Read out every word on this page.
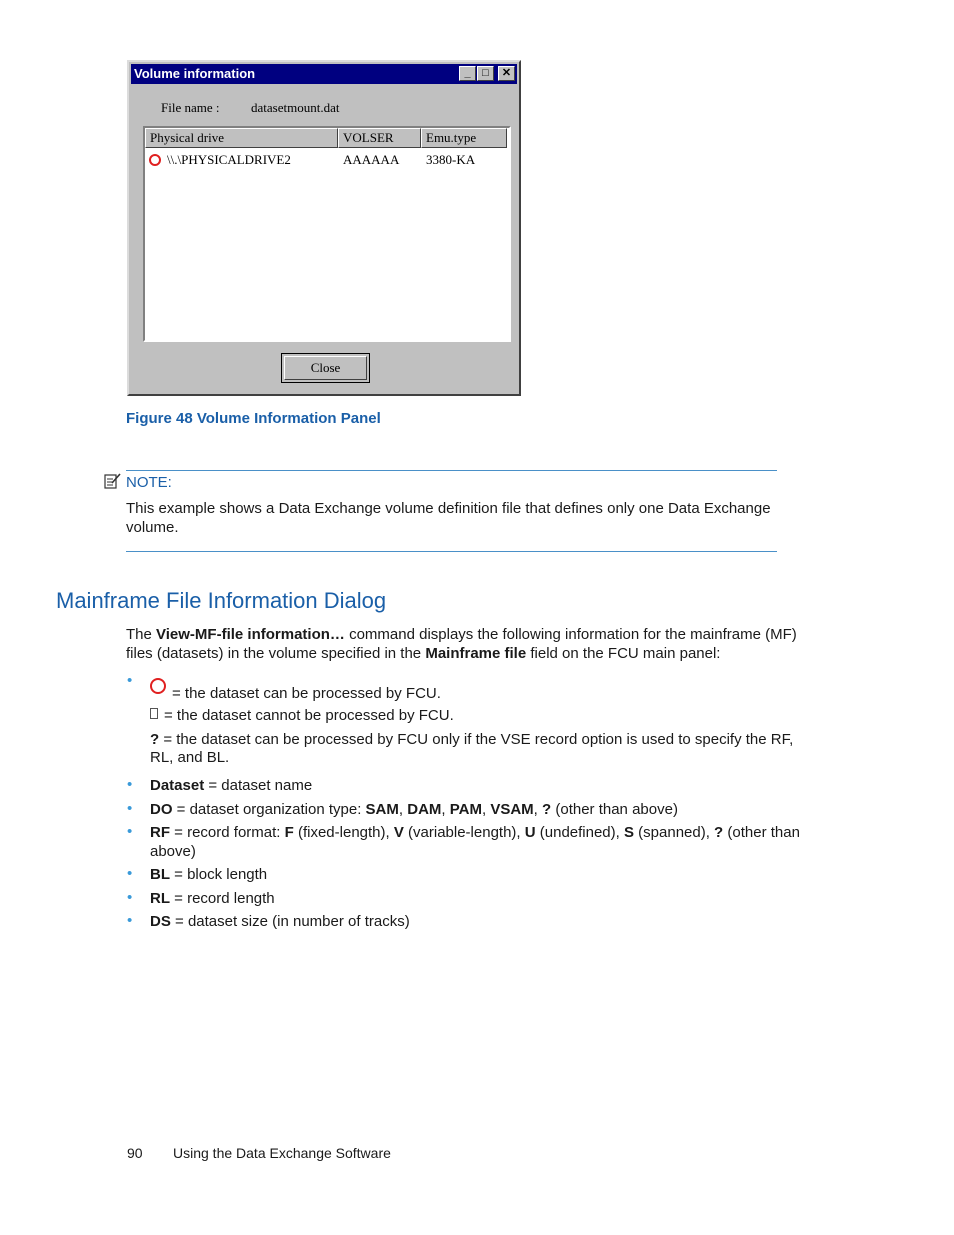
Volume information	_	□	✕
File name : datasetmount.dat
Physical drive	VOLSER	Emu.type
\\.\PHYSICALDRIVE2	AAAAAA 3380-KA
Close
Figure 48 Volume Information Panel
NOTE:
This example shows a Data Exchange volume definition file that defines only one Data Exchange volume.
Mainframe File Information Dialog
The View-MF-file information… command displays the following information for the mainframe (MF) files (datasets) in the volume specified in the Mainframe file field on the FCU main panel:
•
= the dataset can be processed by FCU.
= the dataset cannot be processed by FCU.
? = the dataset can be processed by FCU only if the VSE record option is used to specify the RF,
RL, and BL.
• Dataset = dataset name
• DO = dataset organization type: SAM, DAM, PAM, VSAM, ? (other than above)
• RF = record format: F (fixed-length), V (variable-length), U (undefined), S (spanned), ? (other than
above)
• BL = block length
• RL = record length
• DS = dataset size (in number of tracks)
90 Using the Data Exchange Software
